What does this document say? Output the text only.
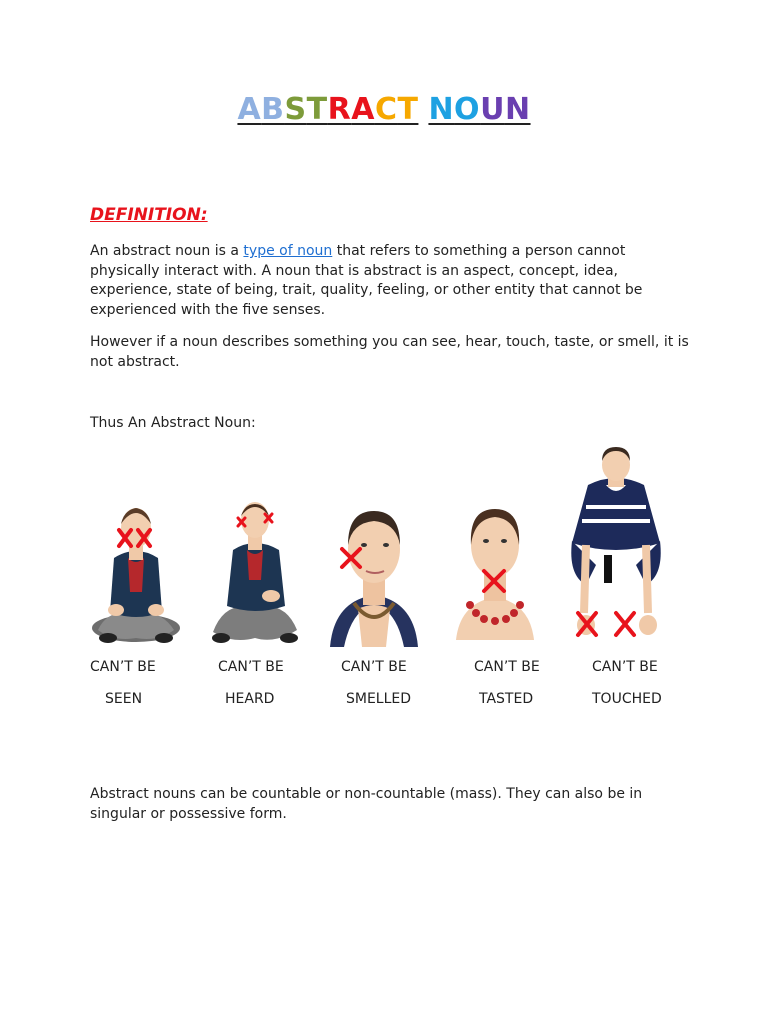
ABSTRACT NOUN
DEFINITION:

An abstract noun is a type of noun that refers to something a person cannot physically interact with. A noun that is abstract is an aspect, concept, idea, experience, state of being, trait, quality, feeling, or other entity that cannot be experienced with the five senses.

However if a noun describes something you can see, hear, touch, taste, or smell, it is not abstract.

Thus An Abstract Noun:

CAN’T BE
SEEN
CAN’T BE
HEARD
CAN’T BE
SMELLED
CAN’T BE
TASTED
CAN’T BE
TOUCHED

Abstract nouns can be countable or non-countable (mass). They can also be in singular or possessive form.
